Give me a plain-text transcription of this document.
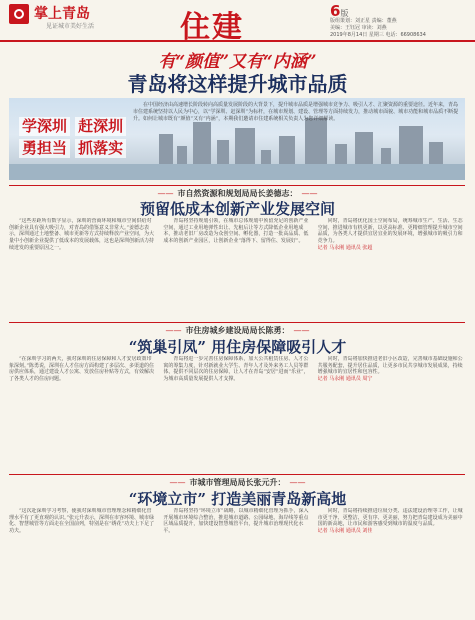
掌上青岛
见证城市美好生活	住建	6版
版组策划：刘正星 责编：董燕
美编：王钰冠 审读：刘燕
2019年8月14日 星期三 电话：66908634
有“颜值”又有“内涵”
青岛将这样提升城市品质
学深圳 赶深圳 勇担当 抓落实
在中国经济由高速增长阶段转向高质量发展阶段的大背景下，提升城市品质是增强城市竞争力、吸引人才、汇聚资源的重要途径。近年来，青岛市住建系统坚持以人民为中心，以“学深圳、赶深圳”为标杆，在城市规划、建设、管理等方面持续发力，推动城市面貌、城市功能和城市品质不断提升。如何让城市既有“颜值”又有“内涵”，本期我们邀请市住建系统相关负责人为您详细解读。
—— 市自然资源和规划局局长姜德志： ——
预留低成本创新产业发展空间
“这些差距所有数字显示，深圳的营商环境和城市空间供给对创新企业具有强大吸引力，对青岛的借鉴意义非常大。”姜德志表示，深圳通过土地整备、城市更新等方式持续释放产业空间，为大量中小创新企业提供了低成本的发展载体，这也是深圳创新活力持续迸发的重要原因之一。
青岛将坚持规划引领，在城市总体规划中预留充足的创新产业空间，通过工业用地弹性出让、先租后让等方式降低企业用地成本，推动老旧厂房改造为众创空间、孵化器，打造一批高品质、低成本的创新产业园区，让创新企业“落得下、留得住、发展好”。
同时，青岛将优化国土空间布局，统筹城市生产、生活、生态空间，推进城市有机更新，以更高标准、更精细管理提升城市空间品质，为各类人才提供宜居宜业的发展环境，增强城市的吸引力和竞争力。
记者 马永刚 通讯员 张超
—— 市住房城乡建设局局长陈勇： ——
“筑巢引凤” 用住房保障吸引人才
“在深圳学习的两天，我对深圳的住房保障和人才安居政策印象深刻。”陈勇说，深圳在人才住房方面构建了多层次、多渠道的住房供应体系，通过建设人才公寓、发放住房补贴等方式，有效解决了各类人才的住房问题。
青岛将进一步完善住房保障体系，加大公共租赁住房、人才公寓的筹集力度，针对新就业大学生、青年人才及外来务工人员等群体，提供不同层次的住房保障，让人才在青岛“安居”进而“乐业”，为城市高质量发展提供人才支撑。
同时，青岛将加快推进老旧小区改造，完善城市基础设施和公共服务配套，提升居住品质，让更多市民共享城市发展成果，持续增强城市的宜居性和包容性。
记者 马永刚 通讯员 周宁
—— 市城市管理局局长张元升： ——
“环境立市” 打造美丽青岛新高地
“这次赴深圳学习考察，使我对深圳城市管理理念和精细化管理水平有了更直观的认识。”张元升表示，深圳在市容环境、城市绿化、智慧城管等方面走在全国前列，特别是在“绣花”功夫上下足了功夫。
青岛将坚持“环境立市”战略，以城市精细化管理为抓手，深入开展城市环境综合整治，推进城市道路、公园绿地、海岸线等重点区域品质提升，加快建设智慧城管平台，提升城市治理现代化水平。
同时，青岛将持续推进垃圾分类、违法建设治理等工作，让城市更干净、更整洁、更有序、更美丽，努力把青岛建设成为美丽中国的新高地，让市民和游客感受到城市的温度与品质。
记者 马永刚 通讯员 刘佳
